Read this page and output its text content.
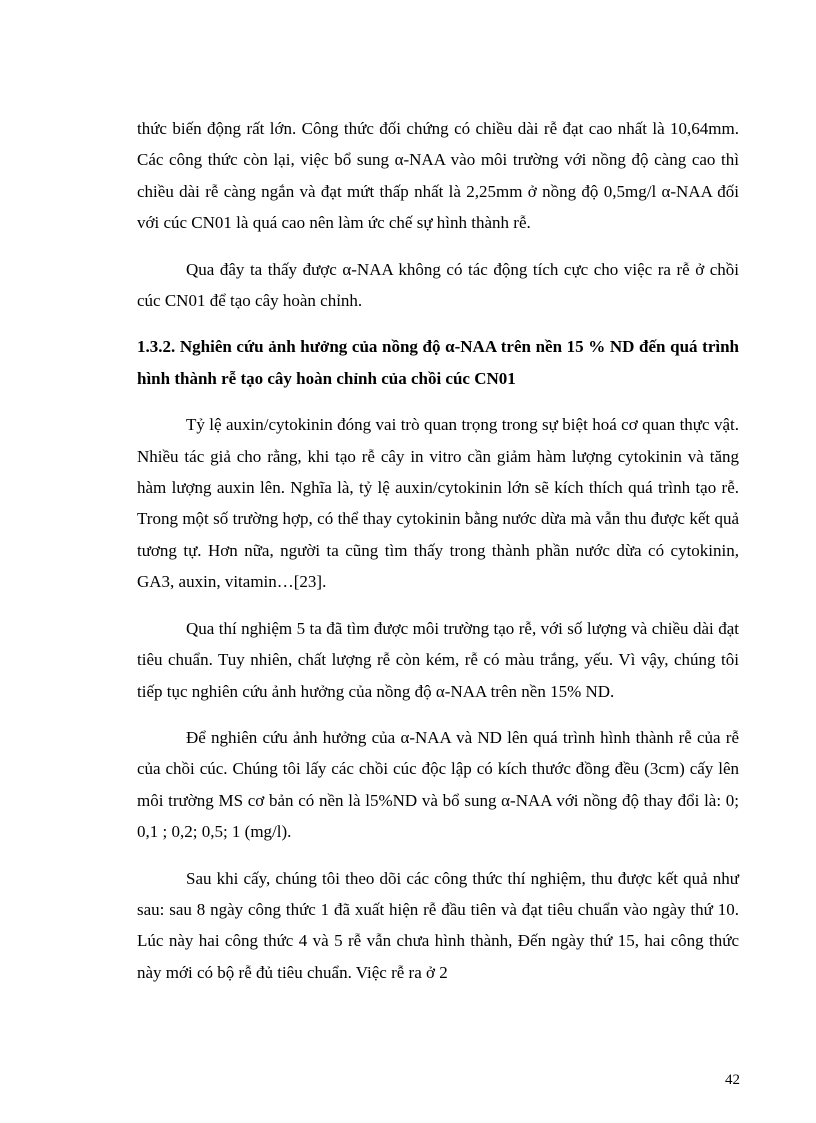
thức biến động rất lớn. Công thức đối chứng có chiều dài rễ đạt cao nhất là 10,64mm. Các công thức còn lại, việc bổ sung α-NAA vào môi trường với nồng độ càng cao thì chiều dài rễ càng ngắn và đạt mứt thấp nhất là 2,25mm ở nồng độ 0,5mg/l α-NAA đối với cúc CN01 là quá cao nên làm ức chế sự hình thành rễ.

Qua đây ta thấy được α-NAA không có tác động tích cực cho việc ra rễ ở chồi cúc CN01 để tạo cây hoàn chỉnh.

1.3.2. Nghiên cứu ảnh hưởng của nồng độ α-NAA trên nền 15 % ND đến quá trình hình thành rễ tạo cây hoàn chỉnh của chồi cúc CN01

Tỷ lệ auxin/cytokinin đóng vai trò quan trọng trong sự biệt hoá cơ quan thực vật. Nhiều tác giả cho rằng, khi tạo rễ cây in vitro cần giảm hàm lượng cytokinin và tăng hàm lượng auxin lên. Nghĩa là, tỷ lệ auxin/cytokinin lớn sẽ kích thích quá trình tạo rễ. Trong một số trường hợp, có thể thay cytokinin bằng nước dừa mà vẫn thu được kết quả tương tự. Hơn nữa, người ta cũng tìm thấy trong thành phần nước dừa có cytokinin, GA3, auxin, vitamin…[23].

Qua thí nghiệm 5 ta đã tìm được môi trường tạo rễ, với số lượng và chiều dài đạt tiêu chuẩn. Tuy nhiên, chất lượng rễ còn kém, rễ có màu trắng, yếu. Vì vậy, chúng tôi tiếp tục nghiên cứu ảnh hưởng của nồng độ α-NAA trên nền 15% ND.

Để nghiên cứu ảnh hưởng của α-NAA và ND lên quá trình hình thành rễ của rễ của chồi cúc. Chúng tôi lấy các chồi cúc độc lập có kích thước đồng đều (3cm) cấy lên môi trường MS cơ bản có nền là l5%ND và bổ sung α-NAA với nồng độ thay đổi là: 0; 0,1 ; 0,2; 0,5; 1 (mg/l).

Sau khi cấy, chúng tôi theo dõi các công thức thí nghiệm, thu được kết quả như sau: sau 8 ngày công thức 1 đã xuất hiện rễ đầu tiên và đạt tiêu chuẩn vào ngày thứ 10. Lúc này hai công thức 4 và 5 rễ vẫn chưa hình thành, Đến ngày thứ 15, hai công thức này mới có bộ rễ đủ tiêu chuẩn. Việc rễ ra ở 2

42
